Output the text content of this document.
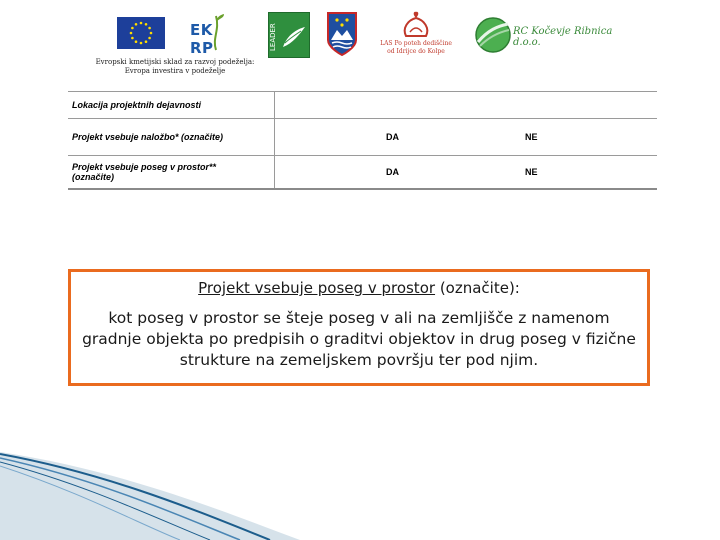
EK RP	LEADER	LAS Po poteh dediščine
od Idrijce do Kolpe
RC Kočevje Ribnica d.o.o.
Evropski kmetijski sklad za razvoj podeželja:
Evropa investira v podeželje
Lokacija projektnih dejavnosti		
Projekt vsebuje naložbo* (označite)	DA	NE
Projekt vsebuje poseg v prostor**
(označite)	DA	NE
Projekt vsebuje poseg v prostor (označite):
kot poseg v prostor se šteje poseg v ali na zemljišče z namenom gradnje objekta po predpisih o graditvi objektov in drug poseg v fizične strukture na zemeljskem površju ter pod njim.
